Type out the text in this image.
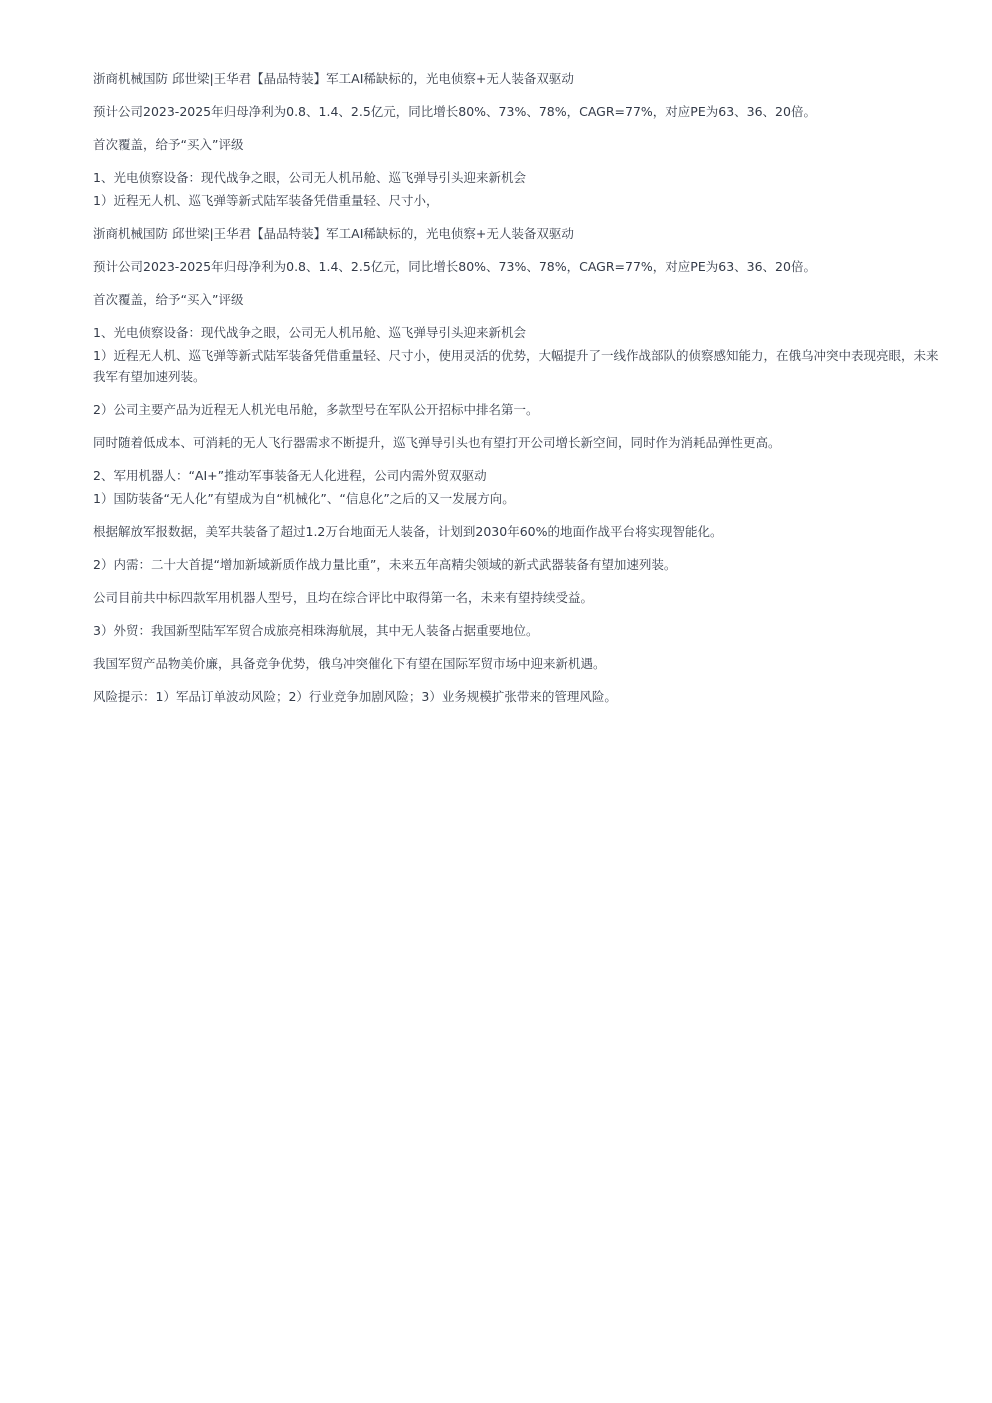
浙商机械国防 邱世梁|王华君【晶品特装】军工AI稀缺标的，光电侦察+无人装备双驱动

预计公司2023-2025年归母净利为0.8、1.4、2.5亿元，同比增长80%、73%、78%，CAGR=77%，对应PE为63、36、20倍。

首次覆盖，给予“买入”评级

1、光电侦察设备：现代战争之眼，公司无人机吊舱、巡飞弹导引头迎来新机会

1）近程无人机、巡飞弹等新式陆军装备凭借重量轻、尺寸小，

浙商机械国防 邱世梁|王华君【晶品特装】军工AI稀缺标的，光电侦察+无人装备双驱动

预计公司2023-2025年归母净利为0.8、1.4、2.5亿元，同比增长80%、73%、78%，CAGR=77%，对应PE为63、36、20倍。

首次覆盖，给予“买入”评级

1、光电侦察设备：现代战争之眼，公司无人机吊舱、巡飞弹导引头迎来新机会

1）近程无人机、巡飞弹等新式陆军装备凭借重量轻、尺寸小，使用灵活的优势，大幅提升了一线作战部队的侦察感知能力，在俄乌冲突中表现亮眼，未来我军有望加速列装。

2）公司主要产品为近程无人机光电吊舱，多款型号在军队公开招标中排名第一。

同时随着低成本、可消耗的无人飞行器需求不断提升，巡飞弹导引头也有望打开公司增长新空间，同时作为消耗品弹性更高。

2、军用机器人：“AI+”推动军事装备无人化进程，公司内需外贸双驱动

1）国防装备“无人化”有望成为自“机械化”、“信息化”之后的又一发展方向。

根据解放军报数据，美军共装备了超过1.2万台地面无人装备，计划到2030年60%的地面作战平台将实现智能化。

2）内需：二十大首提“增加新域新质作战力量比重”，未来五年高精尖领域的新式武器装备有望加速列装。

公司目前共中标四款军用机器人型号，且均在综合评比中取得第一名，未来有望持续受益。

3）外贸：我国新型陆军军贸合成旅亮相珠海航展，其中无人装备占据重要地位。

我国军贸产品物美价廉，具备竞争优势，俄乌冲突催化下有望在国际军贸市场中迎来新机遇。

风险提示：1）军品订单波动风险；2）行业竞争加剧风险；3）业务规模扩张带来的管理风险。
